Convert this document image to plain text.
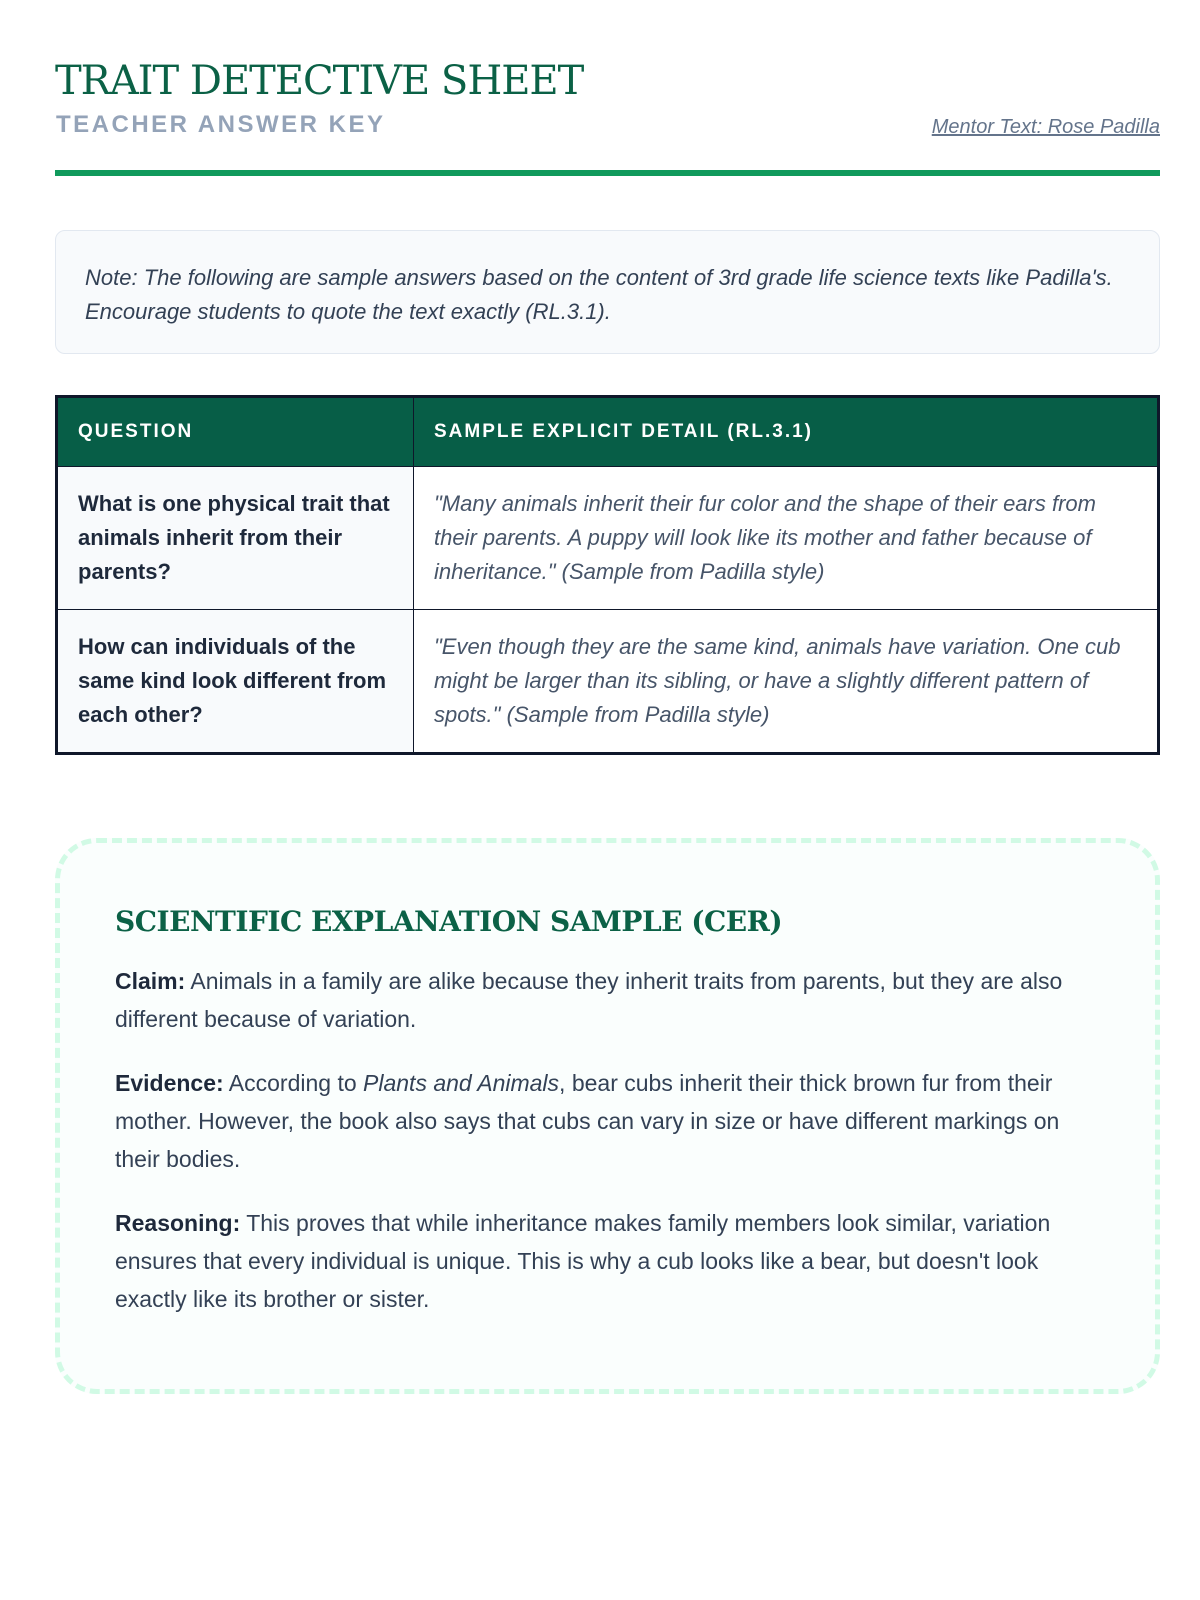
TRAIT DETECTIVE SHEET
TEACHER ANSWER KEY	Mentor Text: Rose Padilla
Note: The following are sample answers based on the content of 3rd grade life science texts like Padilla's. Encourage students to quote the text exactly (RL.3.1).
QUESTION	SAMPLE EXPLICIT DETAIL (RL.3.1)
What is one physical trait that animals inherit from their parents?	"Many animals inherit their fur color and the shape of their ears from their parents. A puppy will look like its mother and father because of inheritance." (Sample from Padilla style)
How can individuals of the same kind look different from each other?	"Even though they are the same kind, animals have variation. One cub might be larger than its sibling, or have a slightly different pattern of spots." (Sample from Padilla style)
SCIENTIFIC EXPLANATION SAMPLE (CER)

Claim: Animals in a family are alike because they inherit traits from parents, but they are also different because of variation.

Evidence: According to Plants and Animals, bear cubs inherit their thick brown fur from their mother. However, the book also says that cubs can vary in size or have different markings on their bodies.

Reasoning: This proves that while inheritance makes family members look similar, variation ensures that every individual is unique. This is why a cub looks like a bear, but doesn't look exactly like its brother or sister.
